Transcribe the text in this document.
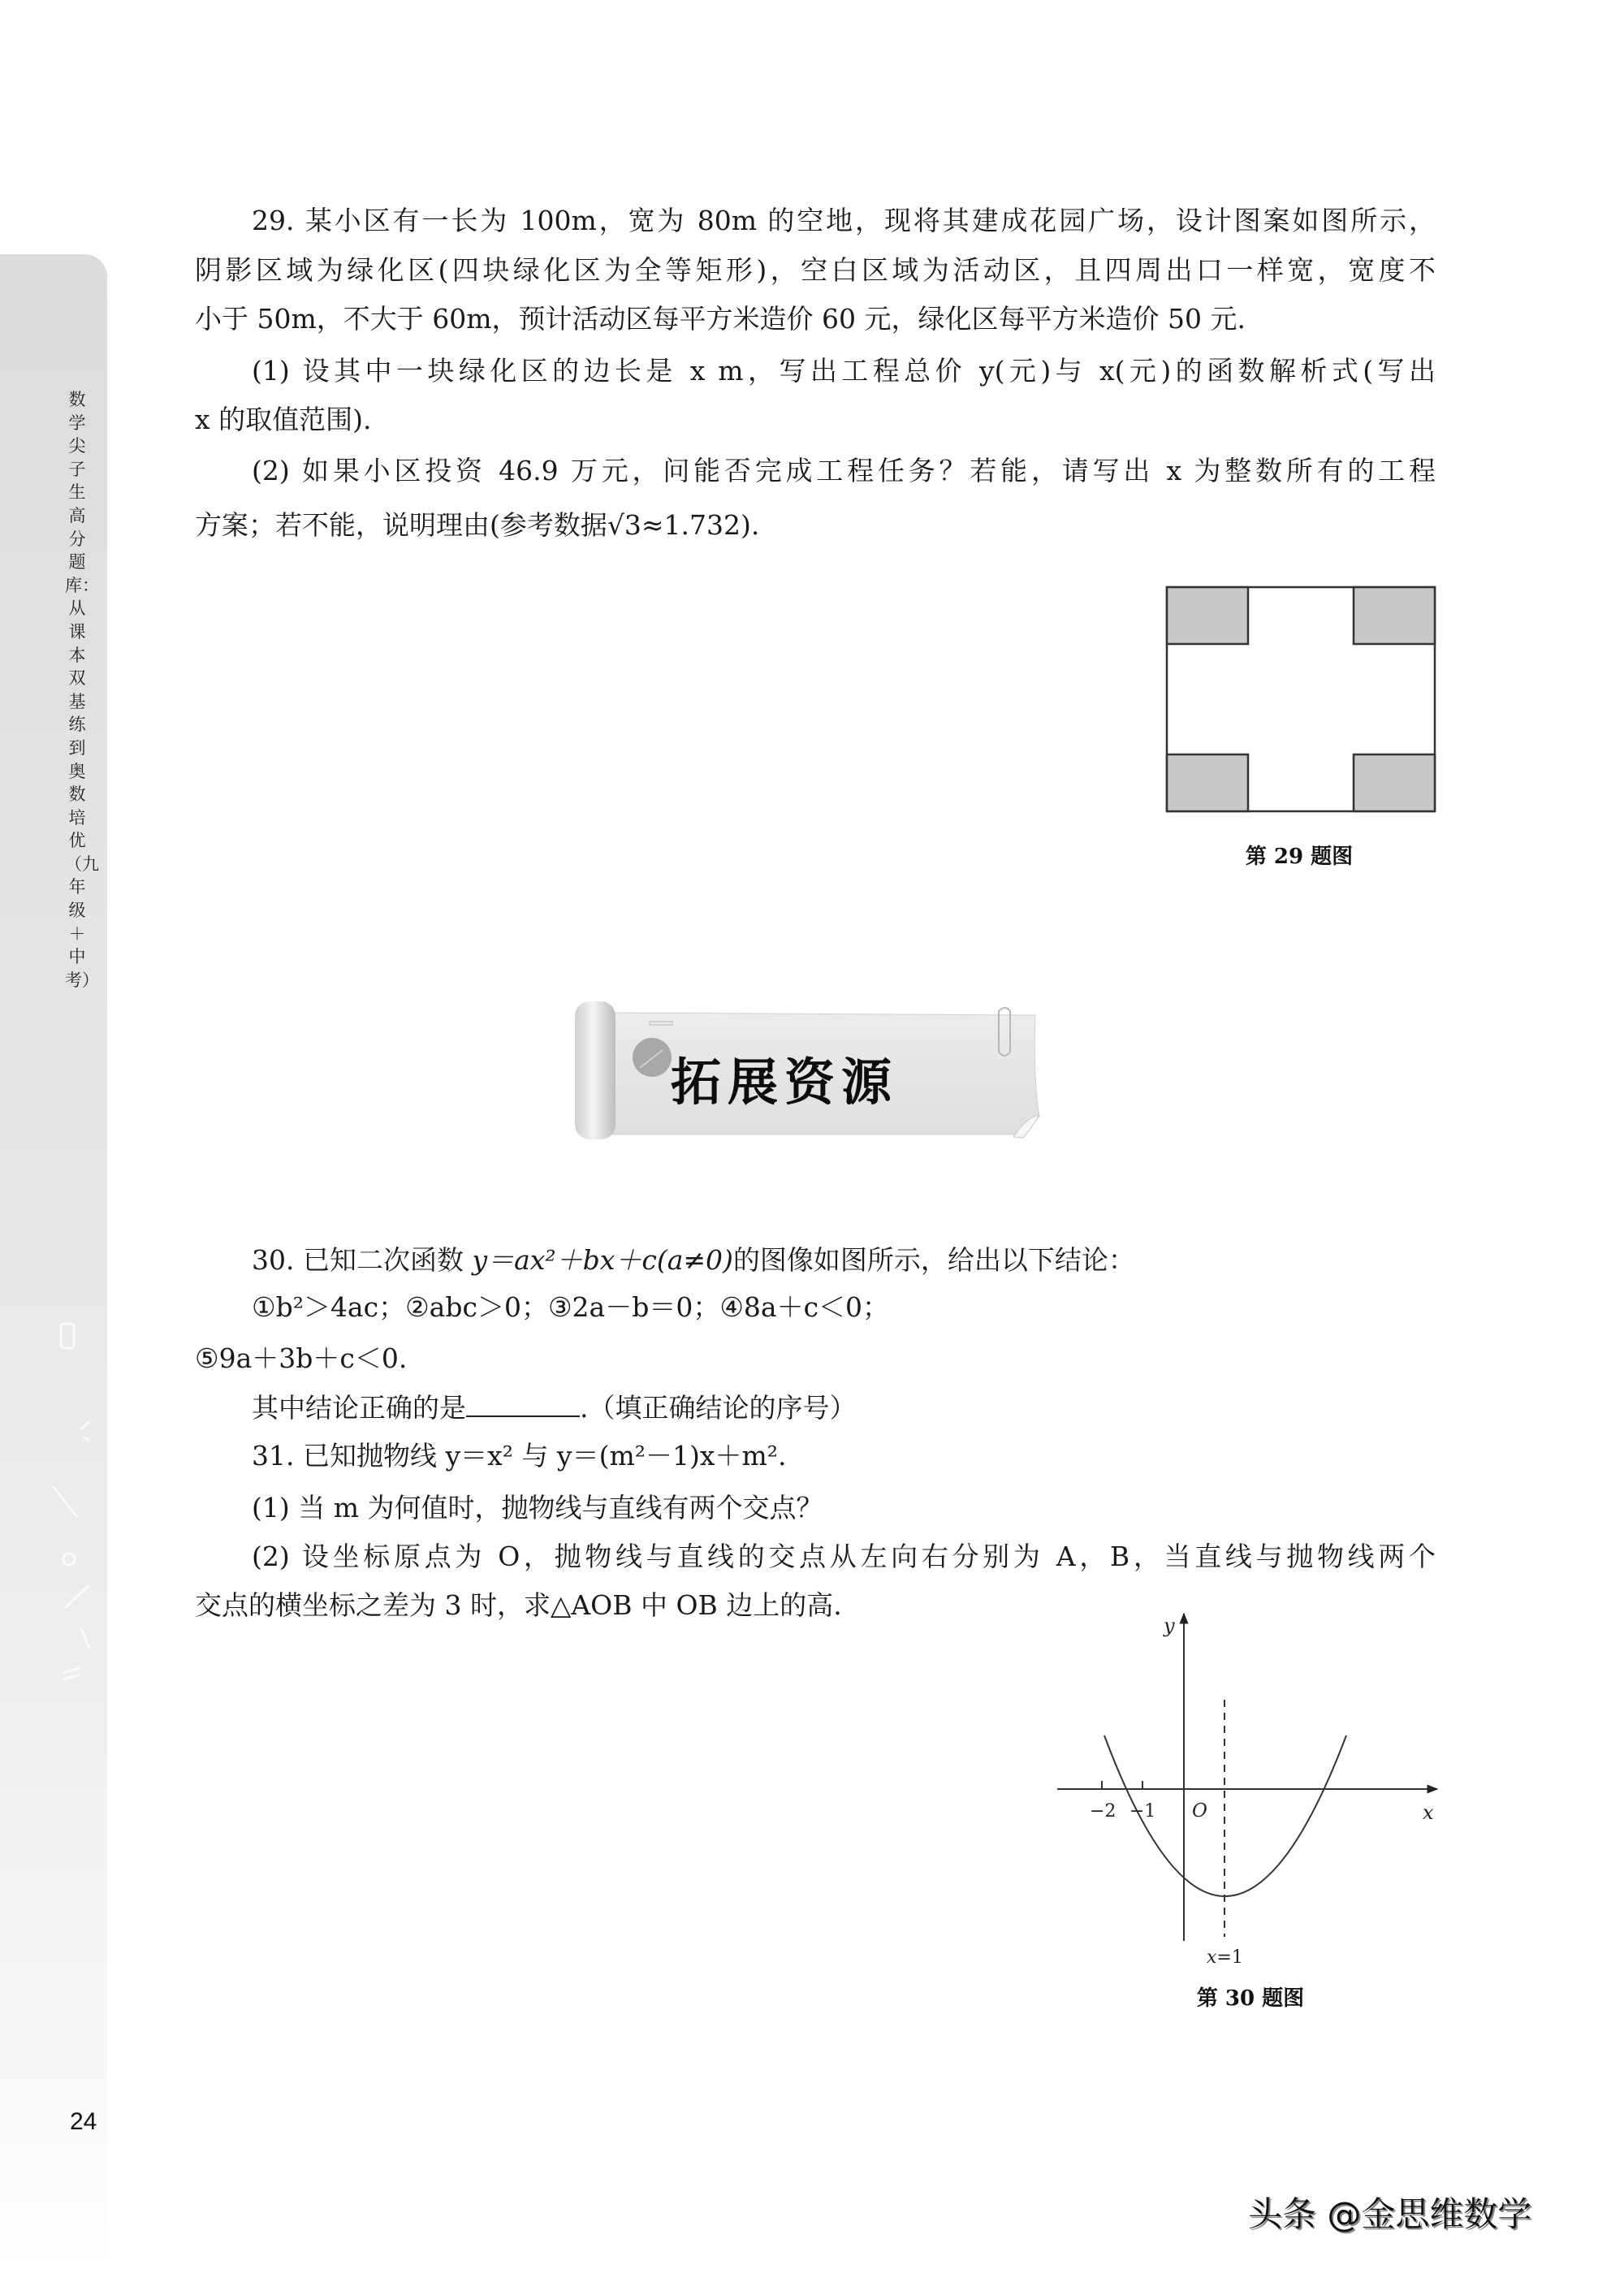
数学尖子生高分题库：从课本双基练到奥数培优（九年级＋中考）
24
29. 某小区有一长为 100m，宽为 80m 的空地，现将其建成花园广场，设计图案如图所示，
阴影区域为绿化区(四块绿化区为全等矩形)，空白区域为活动区，且四周出口一样宽，宽度不
小于 50m，不大于 60m，预计活动区每平方米造价 60 元，绿化区每平方米造价 50 元.
(1) 设其中一块绿化区的边长是 x m，写出工程总价 y(元)与 x(元)的函数解析式(写出
x 的取值范围).
(2) 如果小区投资 46.9 万元，问能否完成工程任务？若能，请写出 x 为整数所有的工程
方案；若不能，说明理由(参考数据√3≈1.732).
第 29 题图
拓展资源
30. 已知二次函数 y＝ax²＋bx＋c(a≠0)的图像如图所示，给出以下结论：
①b²＞4ac；②abc＞0；③2a－b＝0；④8a＋c＜0；
⑤9a＋3b＋c＜0.
其中结论正确的是	.（填正确结论的序号）
31. 已知抛物线 y＝x² 与 y＝(m²－1)x＋m².
(1) 当 m 为何值时，抛物线与直线有两个交点？
(2) 设坐标原点为 O，抛物线与直线的交点从左向右分别为 A，B，当直线与抛物线两个
交点的横坐标之差为 3 时，求△AOB 中 OB 边上的高.
−2 −1 O	x
y
x=1
第 30 题图
头条 @金思维数学
